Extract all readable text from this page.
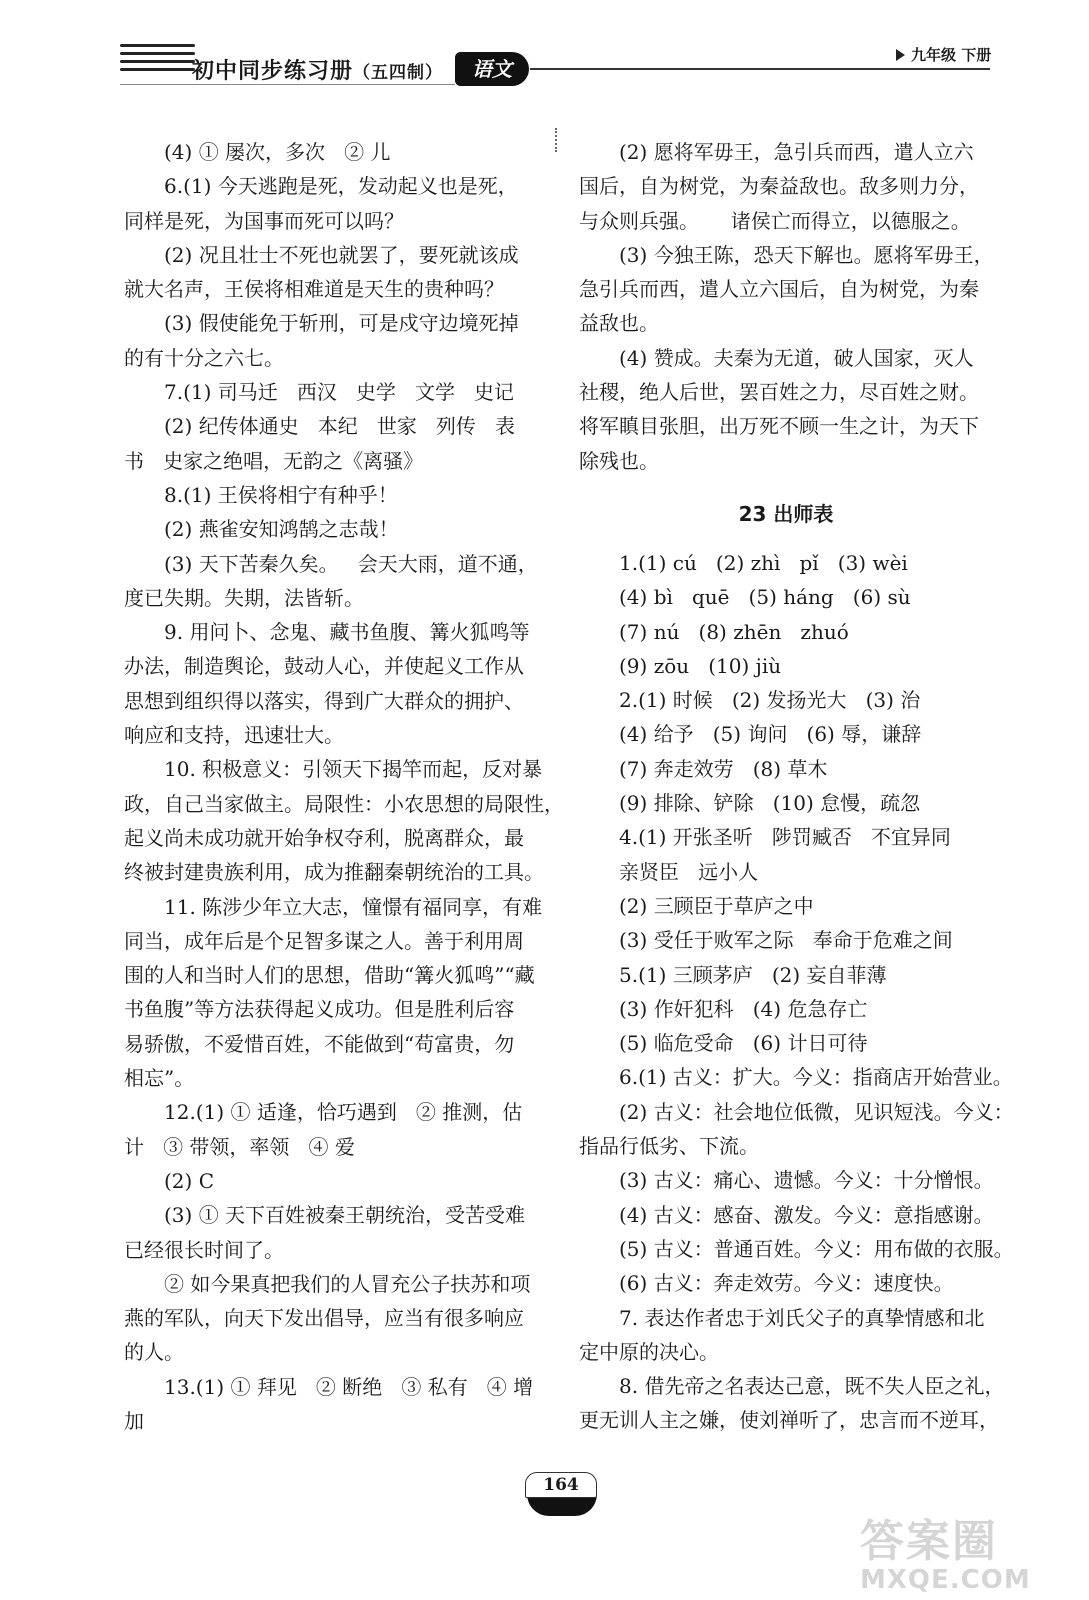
初中同步练习册（五四制）	语文
九年级 下册
(4) ① 屡次，多次   ② 儿
6.(1) 今天逃跑是死，发动起义也是死，
同样是死，为国事而死可以吗？
(2) 况且壮士不死也就罢了，要死就该成
就大名声，王侯将相难道是天生的贵种吗？
(3) 假使能免于斩刑，可是戍守边境死掉
的有十分之六七。
7.(1) 司马迁   西汉   史学   文学   史记
(2) 纪传体通史   本纪   世家   列传   表
书   史家之绝唱，无韵之《离骚》
8.(1) 王侯将相宁有种乎！
(2) 燕雀安知鸿鹄之志哉！
(3) 天下苦秦久矣。   会天大雨，道不通，
度已失期。失期，法皆斩。
9. 用问卜、念鬼、藏书鱼腹、篝火狐鸣等
办法，制造舆论，鼓动人心，并使起义工作从
思想到组织得以落实，得到广大群众的拥护、
响应和支持，迅速壮大。
10. 积极意义：引领天下揭竿而起，反对暴
政，自己当家做主。局限性：小农思想的局限性，
起义尚未成功就开始争权夺利，脱离群众，最
终被封建贵族利用，成为推翻秦朝统治的工具。
11. 陈涉少年立大志，憧憬有福同享，有难
同当，成年后是个足智多谋之人。善于利用周
围的人和当时人们的思想，借助“篝火狐鸣”“藏
书鱼腹”等方法获得起义成功。但是胜利后容
易骄傲，不爱惜百姓，不能做到“苟富贵，勿
相忘”。
12.(1) ① 适逢，恰巧遇到   ② 推测，估
计   ③ 带领，率领   ④ 爱
(2) C
(3) ① 天下百姓被秦王朝统治，受苦受难
已经很长时间了。
② 如今果真把我们的人冒充公子扶苏和项
燕的军队，向天下发出倡导，应当有很多响应
的人。
13.(1) ① 拜见   ② 断绝   ③ 私有   ④ 增
加
(2) 愿将军毋王，急引兵而西，遣人立六
国后，自为树党，为秦益敌也。敌多则力分，
与众则兵强。     诸侯亡而得立，以德服之。
(3) 今独王陈，恐天下解也。愿将军毋王，
急引兵而西，遣人立六国后，自为树党，为秦
益敌也。
(4) 赞成。夫秦为无道，破人国家，灭人
社稷，绝人后世，罢百姓之力，尽百姓之财。
将军瞋目张胆，出万死不顾一生之计，为天下
除残也。
23 出师表
1.(1) cú   (2) zhì   pǐ   (3) wèi
(4) bì   quē   (5) háng   (6) sù
(7) nú   (8) zhēn   zhuó
(9) zōu   (10) jiù
2.(1) 时候   (2) 发扬光大   (3) 治
(4) 给予   (5) 询问   (6) 辱，谦辞
(7) 奔走效劳   (8) 草木
(9) 排除、铲除   (10) 怠慢，疏忽
4.(1) 开张圣听   陟罚臧否   不宜异同
亲贤臣   远小人
(2) 三顾臣于草庐之中
(3) 受任于败军之际   奉命于危难之间
5.(1) 三顾茅庐   (2) 妄自菲薄
(3) 作奸犯科   (4) 危急存亡
(5) 临危受命   (6) 计日可待
6.(1) 古义：扩大。今义：指商店开始营业。
(2) 古义：社会地位低微，见识短浅。今义：
指品行低劣、下流。
(3) 古义：痛心、遗憾。今义：十分憎恨。
(4) 古义：感奋、激发。今义：意指感谢。
(5) 古义：普通百姓。今义：用布做的衣服。
(6) 古义：奔走效劳。今义：速度快。
7. 表达作者忠于刘氏父子的真挚情感和北
定中原的决心。
8. 借先帝之名表达己意，既不失人臣之礼，
更无训人主之嫌，使刘禅听了，忠言而不逆耳，
164
答案圈
MXQE.COM
